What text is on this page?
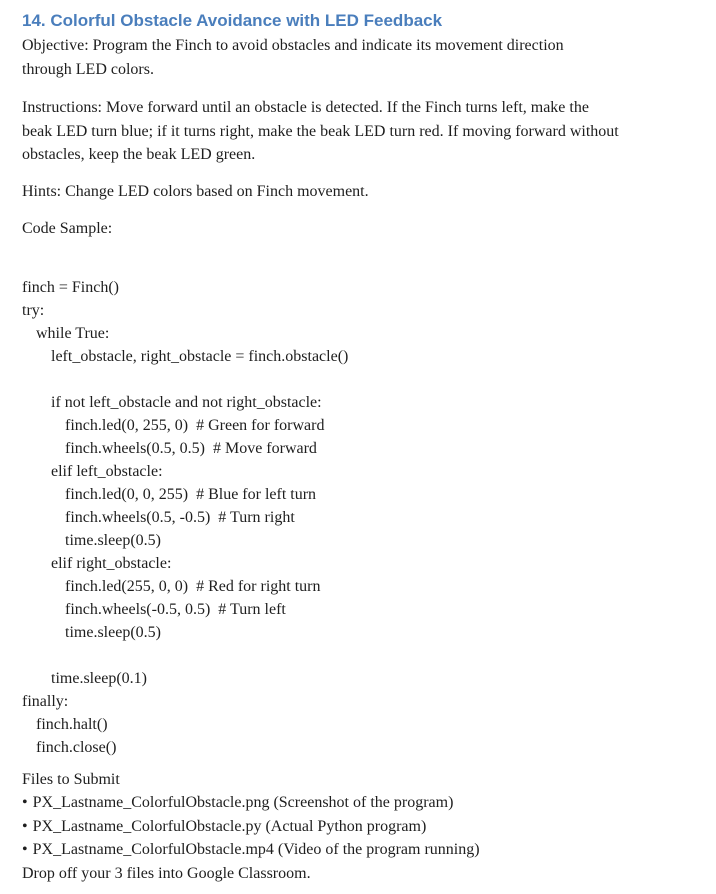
14. Colorful Obstacle Avoidance with LED Feedback
Objective: Program the Finch to avoid obstacles and indicate its movement direction
through LED colors.
Instructions: Move forward until an obstacle is detected. If the Finch turns left, make the
beak LED turn blue; if it turns right, make the beak LED turn red. If moving forward without
obstacles, keep the beak LED green.
Hints: Change LED colors based on Finch movement.
Code Sample:
finch = Finch()
try:
while True:
left_obstacle, right_obstacle = finch.obstacle()
if not left_obstacle and not right_obstacle:
finch.led(0, 255, 0)  # Green for forward
finch.wheels(0.5, 0.5)  # Move forward
elif left_obstacle:
finch.led(0, 0, 255)  # Blue for left turn
finch.wheels(0.5, -0.5)  # Turn right
time.sleep(0.5)
elif right_obstacle:
finch.led(255, 0, 0)  # Red for right turn
finch.wheels(-0.5, 0.5)  # Turn left
time.sleep(0.5)
time.sleep(0.1)
finally:
finch.halt()
finch.close()
Files to Submit
• PX_Lastname_ColorfulObstacle.png (Screenshot of the program)
• PX_Lastname_ColorfulObstacle.py (Actual Python program)
• PX_Lastname_ColorfulObstacle.mp4 (Video of the program running)
Drop off your 3 files into Google Classroom.
